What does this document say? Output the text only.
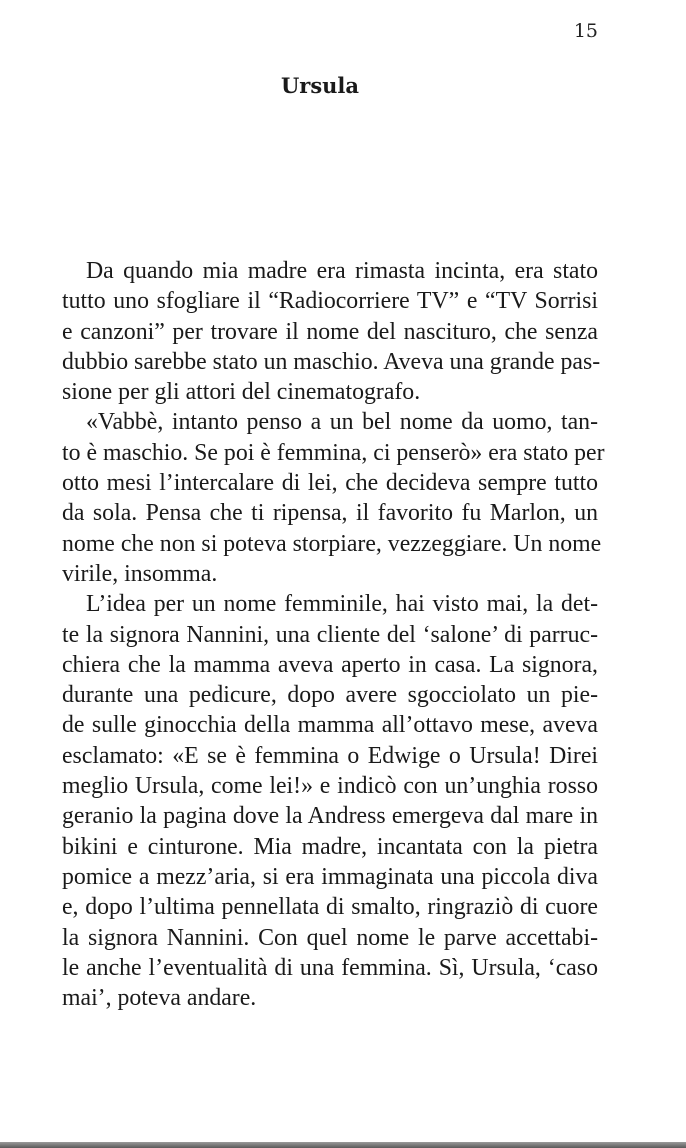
15
Ursula

Da quando mia madre era rimasta incinta, era stato
tutto uno sfogliare il “Radiocorriere TV” e “TV Sorrisi
e canzoni” per trovare il nome del nascituro, che senza
dubbio sarebbe stato un maschio. Aveva una grande pas-
sione per gli attori del cinematografo.

«Vabbè, intanto penso a un bel nome da uomo, tan-
to è maschio. Se poi è femmina, ci penserò» era stato per
otto mesi l’intercalare di lei, che decideva sempre tutto
da sola. Pensa che ti ripensa, il favorito fu Marlon, un
nome che non si poteva storpiare, vezzeggiare. Un nome
virile, insomma.

L’idea per un nome femminile, hai visto mai, la det-
te la signora Nannini, una cliente del ‘salone’ di parruc-
chiera che la mamma aveva aperto in casa. La signora,
durante una pedicure, dopo avere sgocciolato un pie-
de sulle ginocchia della mamma all’ottavo mese, aveva
esclamato: «E se è femmina o Edwige o Ursula! Direi
meglio Ursula, come lei!» e indicò con un’unghia rosso
geranio la pagina dove la Andress emergeva dal mare in
bikini e cinturone. Mia madre, incantata con la pietra
pomice a mezz’aria, si era immaginata una piccola diva
e, dopo l’ultima pennellata di smalto, ringraziò di cuore
la signora Nannini. Con quel nome le parve accettabi-
le anche l’eventualità di una femmina. Sì, Ursula, ‘caso
mai’, poteva andare.
